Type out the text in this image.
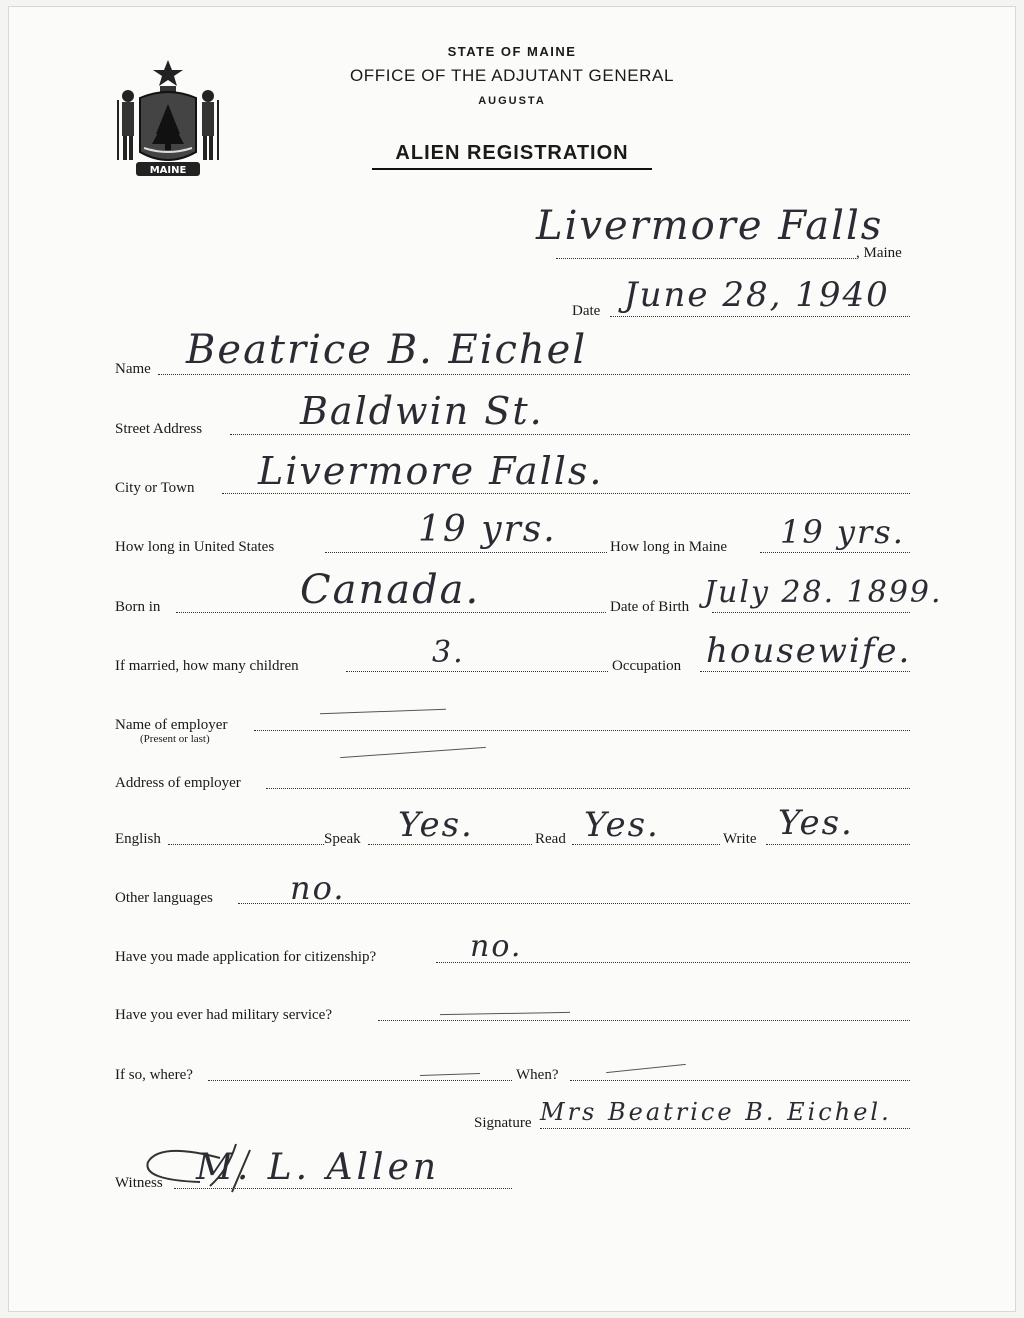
MAINE
STATE OF MAINE
OFFICE OF THE ADJUTANT GENERAL
AUGUSTA
ALIEN REGISTRATION
Livermore Falls
, Maine
Date June 28, 1940
Name Beatrice B. Eichel
Street Address	Baldwin St.
City or Town Livermore Falls.
How long in United States	19 yrs.	How long in Maine 19 yrs.
Born in	Canada.	Date of Birth July 28. 1899.
If married, how many children	3.	Occupation housewife.
Name of employer
(Present or last)
Address of employer
English	Speak Yes.	Read Yes.	Write Yes.
Other languages no.
Have you made application for citizenship?	no.
Have you ever had military service?
If so, where?	When?
Signature Mrs Beatrice B. Eichel.
Witness M. L. Allen
